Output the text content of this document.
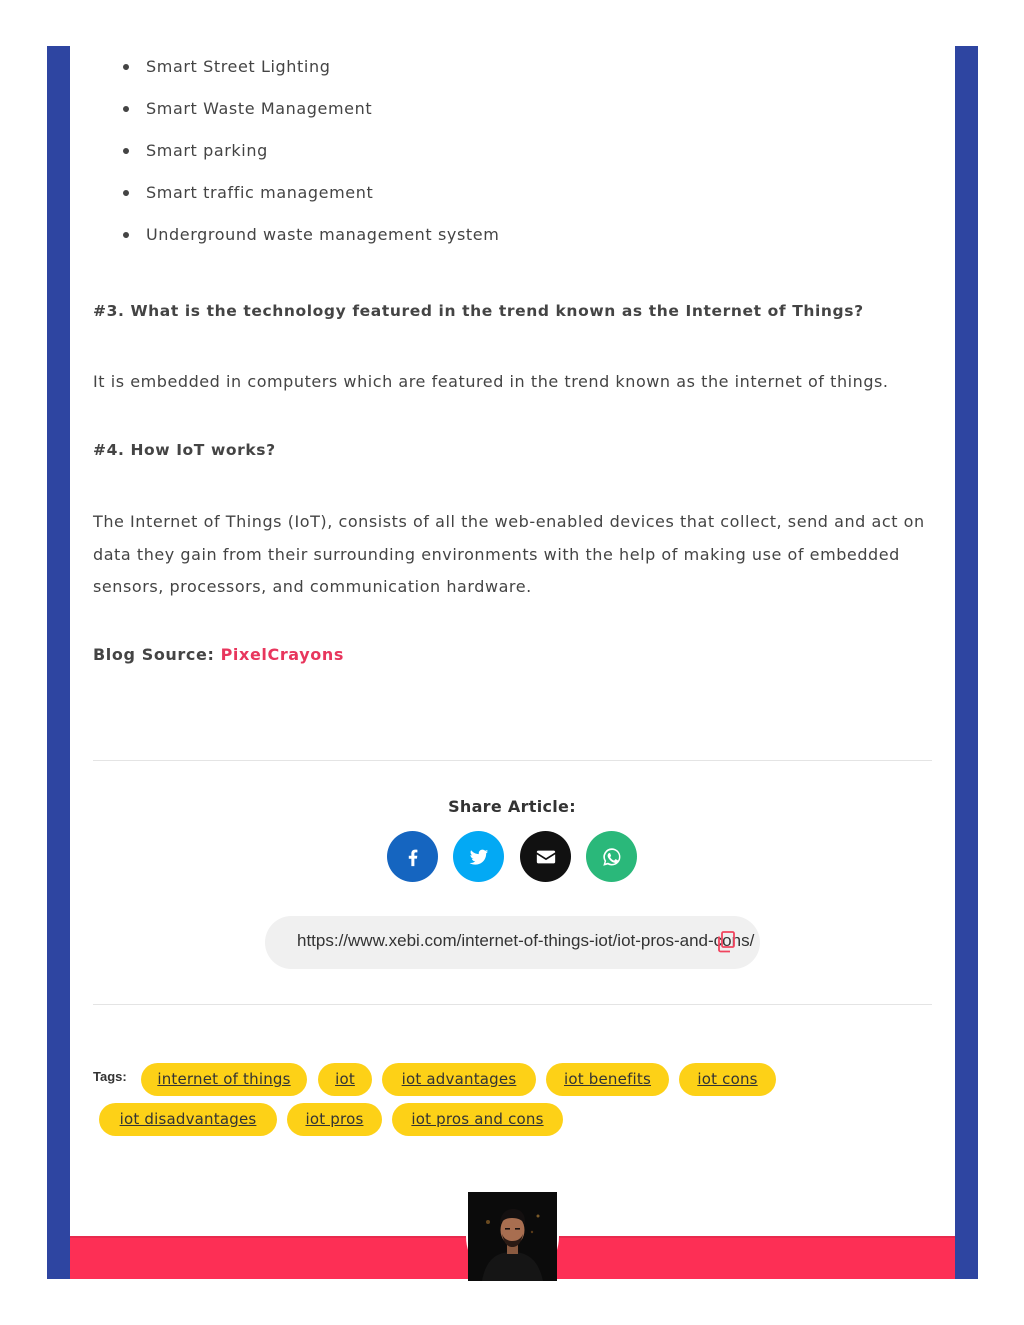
Smart Street Lighting
Smart Waste Management
Smart parking
Smart traffic management
Underground waste management system
#3. What is the technology featured in the trend known as the Internet of Things?
It is embedded in computers which are featured in the trend known as the internet of things.
#4. How IoT works?
The Internet of Things (IoT), consists of all the web-enabled devices that collect, send and act on data they gain from their surrounding environments with the help of making use of embedded sensors, processors, and communication hardware.
Blog Source: PixelCrayons
Share Article:
https://www.xebi.com/internet-of-things-iot/iot-pros-and-cons/
Tags:	internet of things	iot	iot advantages	iot benefits	iot cons
iot disadvantages	iot pros	iot pros and cons
